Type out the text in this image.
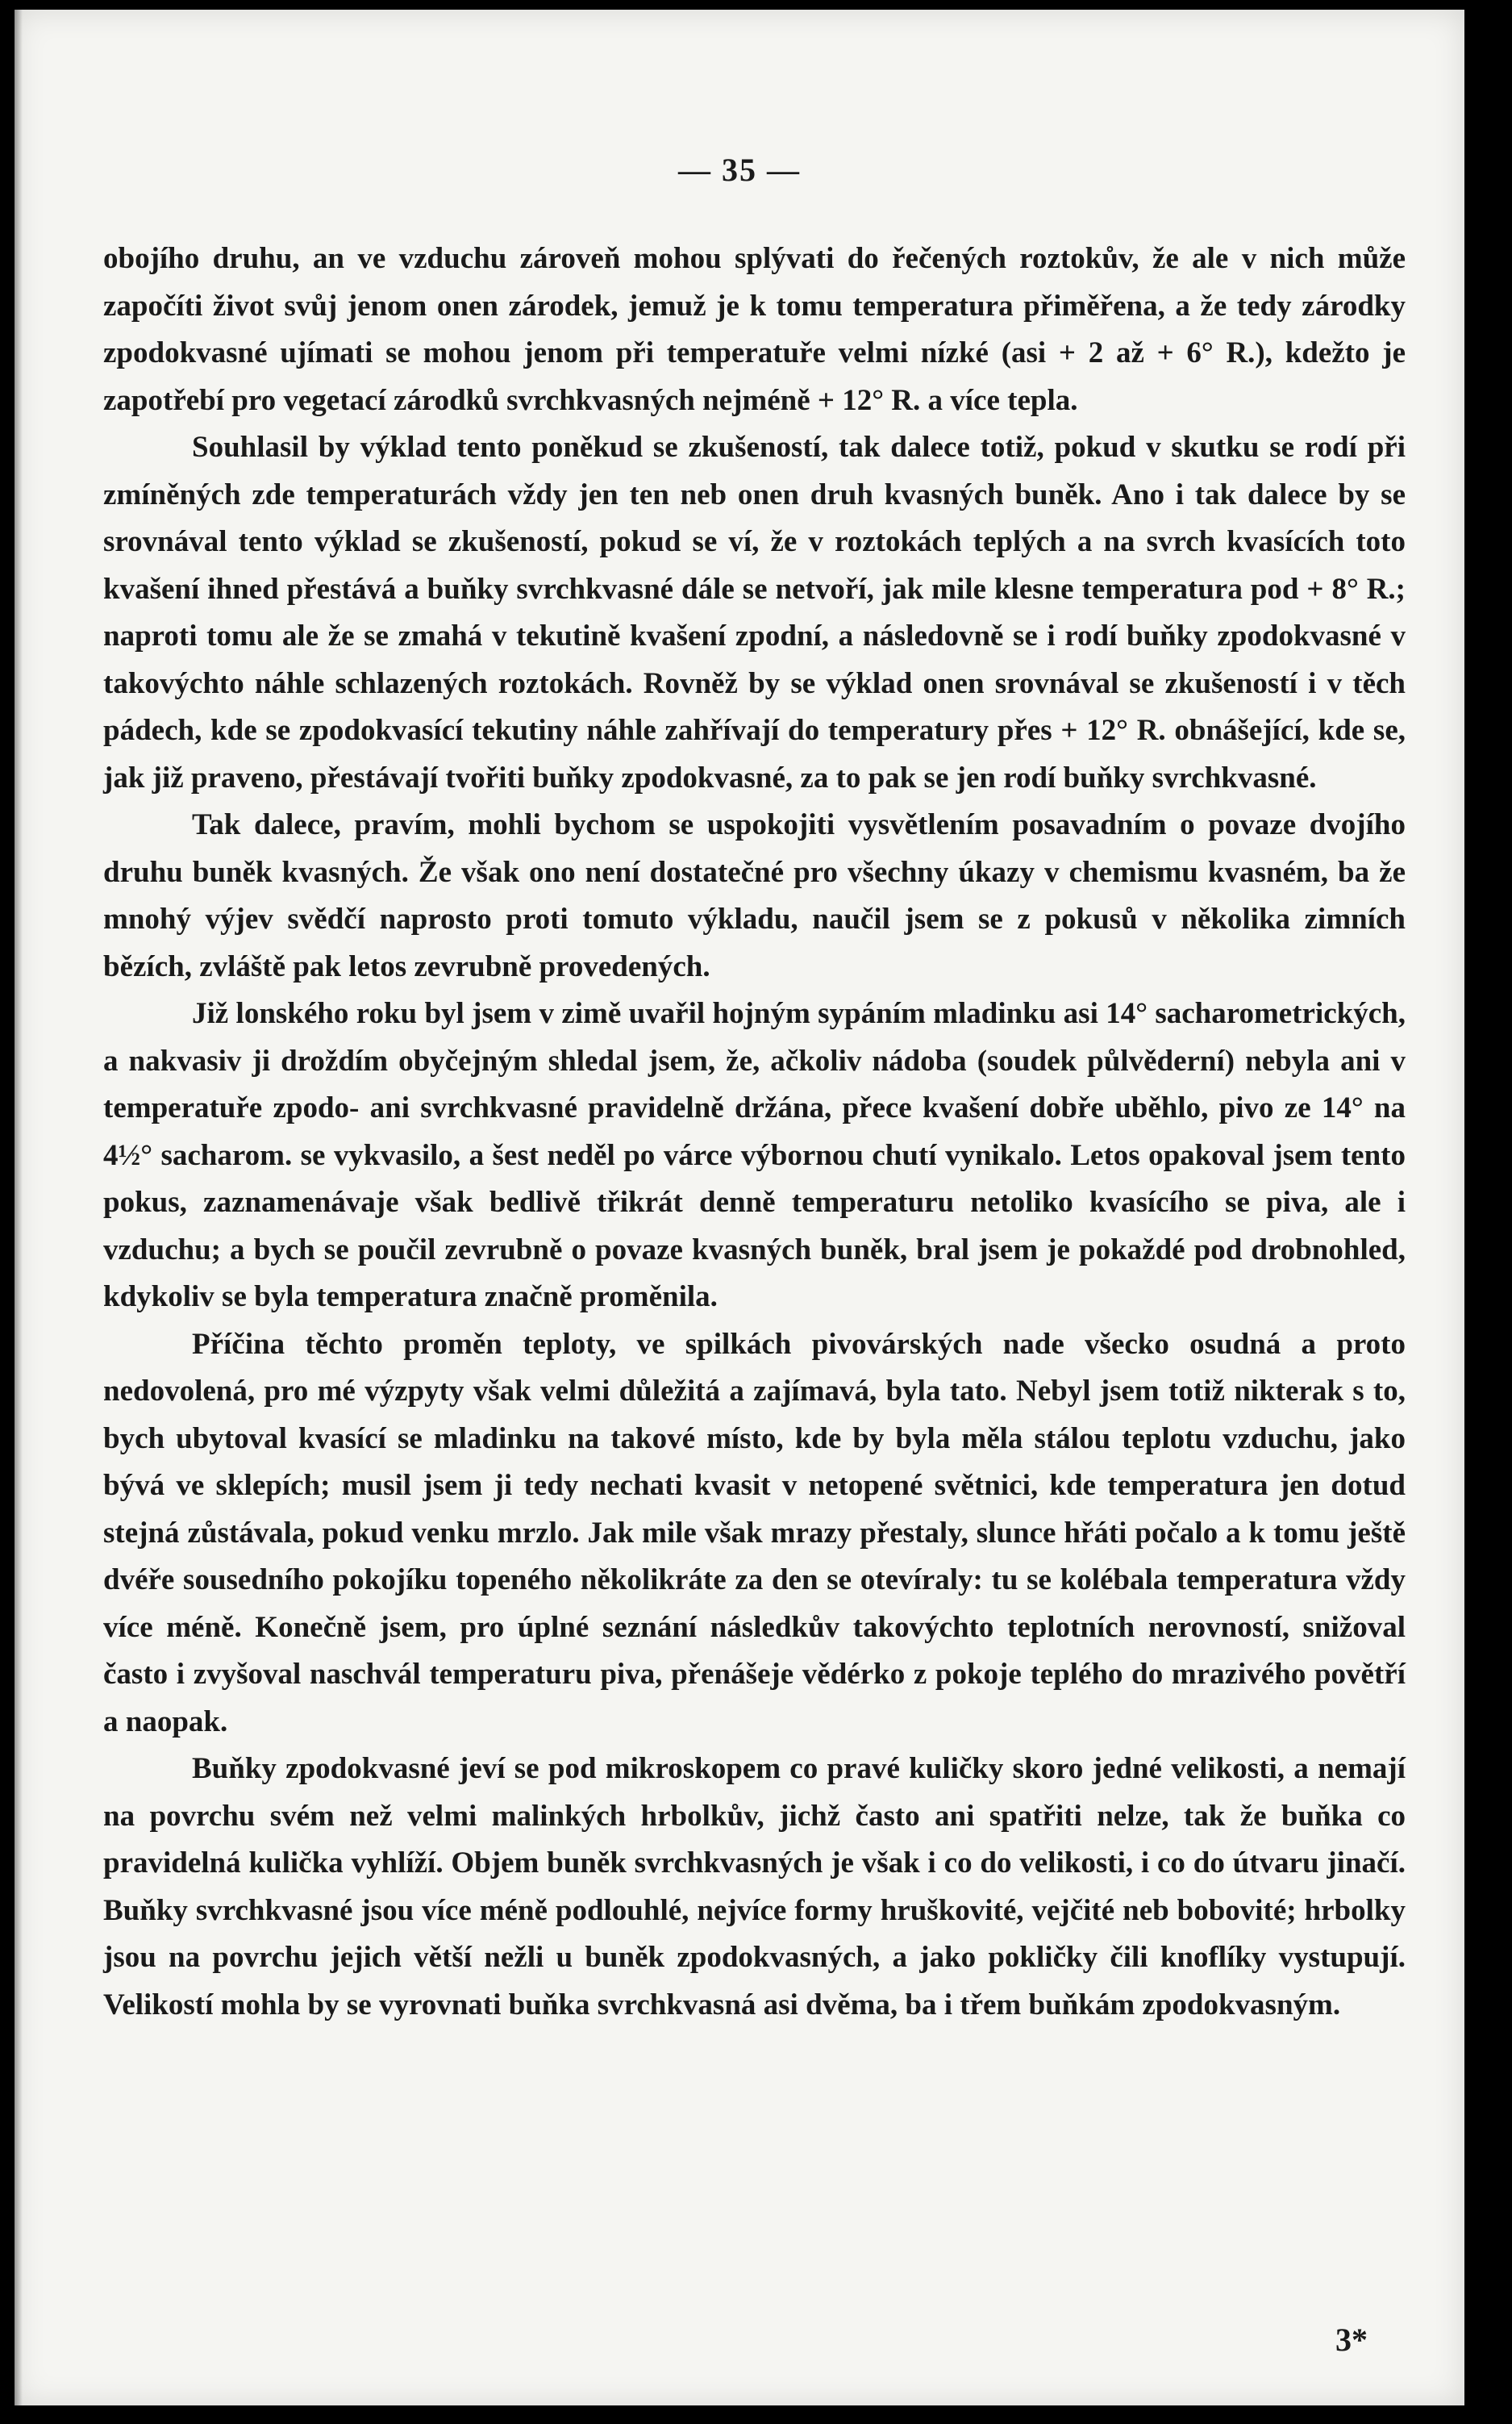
— 35 —

obojího druhu, an ve vzduchu zároveň mohou splývati do řečených roztokův, že ale v nich může započíti život svůj jenom onen zárodek, jemuž je k tomu temperatura přiměřena, a že tedy zárodky zpodokvasné ujímati se mohou jenom při temperatuře velmi nízké (asi + 2 až + 6° R.), kdežto je zapotřebí pro vegetací zárodků svrchkvasných nejméně + 12° R. a více tepla.

Souhlasil by výklad tento poněkud se zkušeností, tak dalece totiž, pokud v skutku se rodí při zmíněných zde temperaturách vždy jen ten neb onen druh kvasných buněk. Ano i tak dalece by se srovnával tento výklad se zkušeností, pokud se ví, že v roztokách teplých a na svrch kvasících toto kvašení ihned přestává a buňky svrchkvasné dále se netvoří, jak mile klesne temperatura pod + 8° R.; naproti tomu ale že se zmahá v tekutině kvašení zpodní, a následovně se i rodí buňky zpodokvasné v takovýchto náhle schlazených roztokách. Rovněž by se výklad onen srovnával se zkušeností i v těch pádech, kde se zpodokvasící tekutiny náhle zahřívají do temperatury přes + 12° R. obnášející, kde se, jak již praveno, přestávají tvořiti buňky zpodokvasné, za to pak se jen rodí buňky svrchkvasné.

Tak dalece, pravím, mohli bychom se uspokojiti vysvětlením posavadním o povaze dvojího druhu buněk kvasných. Že však ono není dostatečné pro všechny úkazy v chemismu kvasném, ba že mnohý výjev svědčí naprosto proti tomuto výkladu, naučil jsem se z pokusů v několika zimních bězích, zvláště pak letos zevrubně provedených.

Již lonského roku byl jsem v zimě uvařil hojným sypáním mladinku asi 14° sacharometrických, a nakvasiv ji droždím obyčejným shledal jsem, že, ačkoliv nádoba (soudek půlvěderní) nebyla ani v temperatuře zpodo- ani svrchkvasné pravidelně držána, přece kvašení dobře uběhlo, pivo ze 14° na 4½° sacharom. se vykvasilo, a šest neděl po várce výbornou chutí vynikalo. Letos opakoval jsem tento pokus, zaznamenávaje však bedlivě třikrát denně temperaturu netoliko kvasícího se piva, ale i vzduchu; a bych se poučil zevrubně o povaze kvasných buněk, bral jsem je pokaždé pod drobnohled, kdykoliv se byla temperatura značně proměnila.

Příčina těchto proměn teploty, ve spilkách pivovárských nade všecko osudná a proto nedovolená, pro mé výzpyty však velmi důležitá a zajímavá, byla tato. Nebyl jsem totiž nikterak s to, bych ubytoval kvasící se mladinku na takové místo, kde by byla měla stálou teplotu vzduchu, jako bývá ve sklepích; musil jsem ji tedy nechati kvasit v netopené světnici, kde temperatura jen dotud stejná zůstávala, pokud venku mrzlo. Jak mile však mrazy přestaly, slunce hřáti počalo a k tomu ještě dvéře sousedního pokojíku topeného několikráte za den se otevíraly: tu se kolébala temperatura vždy více méně. Konečně jsem, pro úplné seznání následkův takovýchto teplotních nerovností, snižoval často i zvyšoval naschvál temperaturu piva, přenášeje vědérko z pokoje teplého do mrazivého povětří a naopak.

Buňky zpodokvasné jeví se pod mikroskopem co pravé kuličky skoro jedné velikosti, a nemají na povrchu svém než velmi malinkých hrbolkův, jichž často ani spatřiti nelze, tak že buňka co pravidelná kulička vyhlíží. Objem buněk svrchkvasných je však i co do velikosti, i co do útvaru jinačí. Buňky svrchkvasné jsou více méně podlouhlé, nejvíce formy hruškovité, vejčité neb bobovité; hrbolky jsou na povrchu jejich větší nežli u buněk zpodokvasných, a jako pokličky čili knoflíky vystupují. Velikostí mohla by se vyrovnati buňka svrchkvasná asi dvěma, ba i třem buňkám zpodokvasným.

3*
